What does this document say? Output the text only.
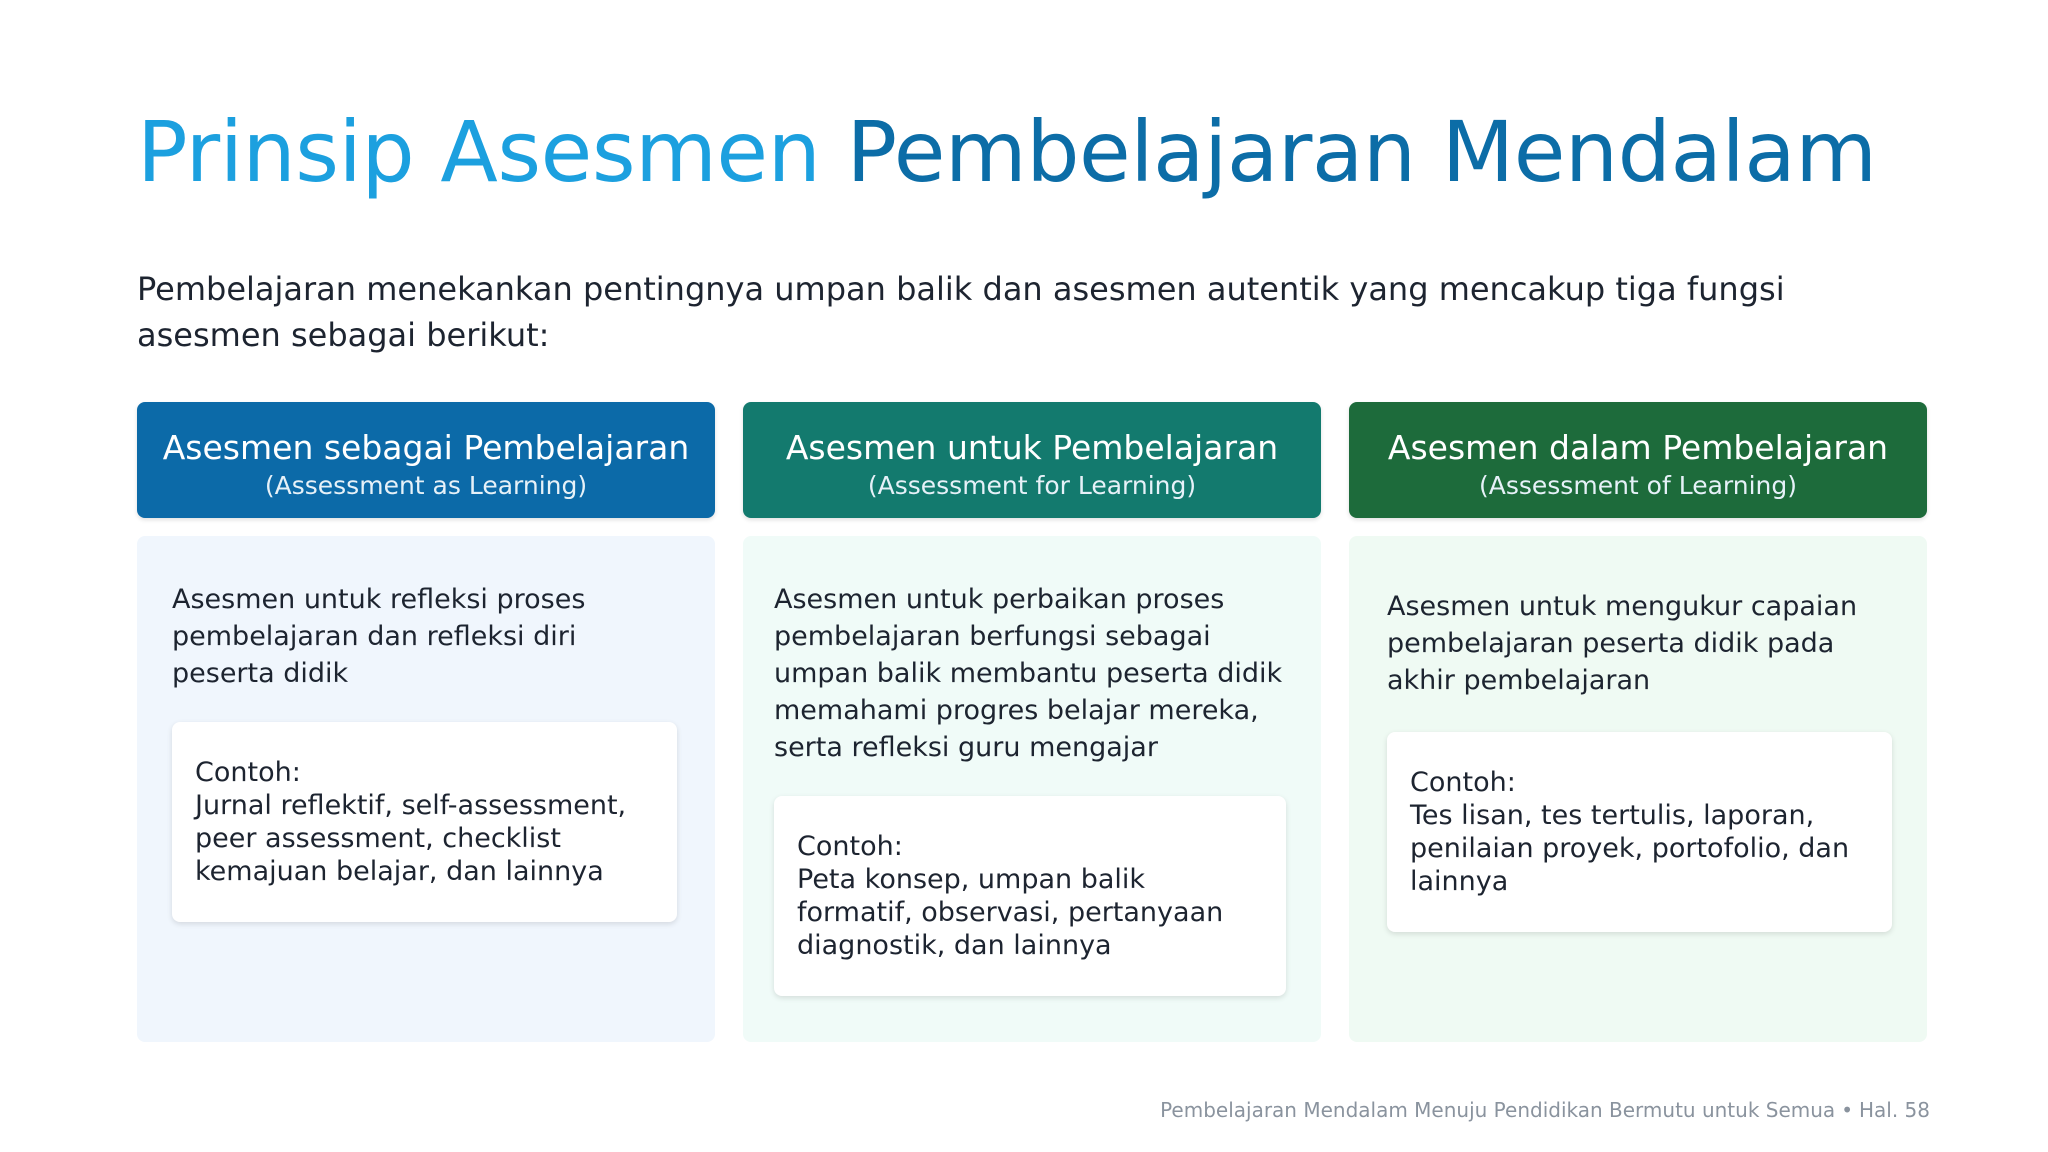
Prinsip Asesmen Pembelajaran Mendalam

Pembelajaran menekankan pentingnya umpan balik dan asesmen autentik yang mencakup tiga fungsi asesmen sebagai berikut:

Asesmen sebagai Pembelajaran
(Assessment as Learning)

Asesmen untuk refleksi proses pembelajaran dan refleksi diri peserta didik

Contoh:
Jurnal reflektif, self-assessment, peer assessment, checklist kemajuan belajar, dan lainnya
Asesmen untuk Pembelajaran
(Assessment for Learning)

Asesmen untuk perbaikan proses pembelajaran berfungsi sebagai umpan balik membantu peserta didik memahami progres belajar mereka, serta refleksi guru mengajar

Contoh:
Peta konsep, umpan balik formatif, observasi, pertanyaan diagnostik, dan lainnya
Asesmen dalam Pembelajaran
(Assessment of Learning)

Asesmen untuk mengukur capaian pembelajaran peserta didik pada akhir pembelajaran

Contoh:
Tes lisan, tes tertulis, laporan, penilaian proyek, portofolio, dan lainnya
Pembelajaran Mendalam Menuju Pendidikan Bermutu untuk Semua • Hal. 58
